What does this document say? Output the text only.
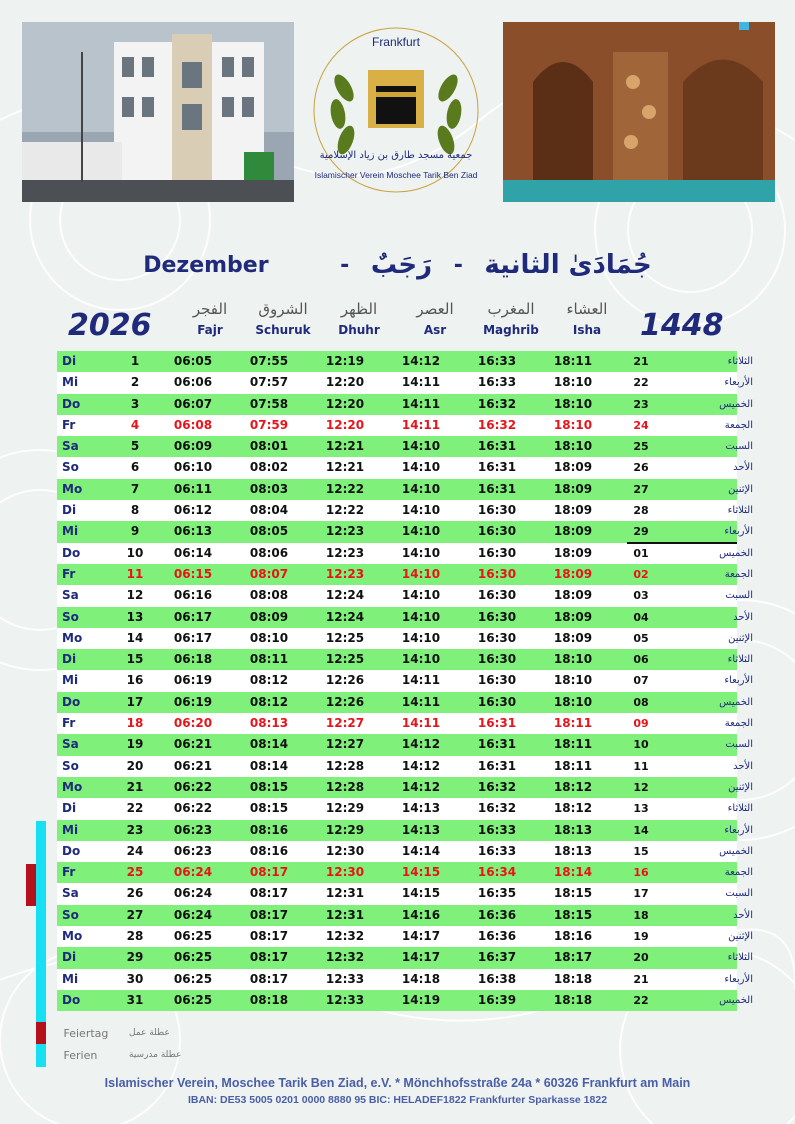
Frankfurt
جمعية مسجد طارق بن زياد الإسلامية
Islamischer Verein Moschee Tarik Ben Ziad
Dezember	- رَجَبٌ - جُمَادَىٰ الثانية
2026	1448
الفجر
Fajr
الشروق
Schuruk
الظهر
Dhuhr
العصر
Asr
المغرب
Maghrib
العشاء
Isha
Di	1	06:05	07:55	12:19	14:12	16:33	18:11	21	الثلاثاء
Mi	2	06:06	07:57	12:20	14:11	16:33	18:10	22	الأربعاء
Do	3	06:07	07:58	12:20	14:11	16:32	18:10	23	الخميس
Fr	4	06:08	07:59	12:20	14:11	16:32	18:10	24	الجمعة
Sa	5	06:09	08:01	12:21	14:10	16:31	18:10	25	السبت
So	6	06:10	08:02	12:21	14:10	16:31	18:09	26	الأحد
Mo	7	06:11	08:03	12:22	14:10	16:31	18:09	27	الإثنين
Di	8	06:12	08:04	12:22	14:10	16:30	18:09	28	الثلاثاء
Mi	9	06:13	08:05	12:23	14:10	16:30	18:09	29	الأربعاء
Do	10	06:14	08:06	12:23	14:10	16:30	18:09	01	الخميس
Fr	11	06:15	08:07	12:23	14:10	16:30	18:09	02	الجمعة
Sa	12	06:16	08:08	12:24	14:10	16:30	18:09	03	السبت
So	13	06:17	08:09	12:24	14:10	16:30	18:09	04	الأحد
Mo	14	06:17	08:10	12:25	14:10	16:30	18:09	05	الإثنين
Di	15	06:18	08:11	12:25	14:10	16:30	18:10	06	الثلاثاء
Mi	16	06:19	08:12	12:26	14:11	16:30	18:10	07	الأربعاء
Do	17	06:19	08:12	12:26	14:11	16:30	18:10	08	الخميس
Fr	18	06:20	08:13	12:27	14:11	16:31	18:11	09	الجمعة
Sa	19	06:21	08:14	12:27	14:12	16:31	18:11	10	السبت
So	20	06:21	08:14	12:28	14:12	16:31	18:11	11	الأحد
Mo	21	06:22	08:15	12:28	14:12	16:32	18:12	12	الإثنين
Di	22	06:22	08:15	12:29	14:13	16:32	18:12	13	الثلاثاء
Mi	23	06:23	08:16	12:29	14:13	16:33	18:13	14	الأربعاء
Do	24	06:23	08:16	12:30	14:14	16:33	18:13	15	الخميس
Fr	25	06:24	08:17	12:30	14:15	16:34	18:14	16	الجمعة
Sa	26	06:24	08:17	12:31	14:15	16:35	18:15	17	السبت
So	27	06:24	08:17	12:31	14:16	16:36	18:15	18	الأحد
Mo	28	06:25	08:17	12:32	14:17	16:36	18:16	19	الإثنين
Di	29	06:25	08:17	12:32	14:17	16:37	18:17	20	الثلاثاء
Mi	30	06:25	08:17	12:33	14:18	16:38	18:18	21	الأربعاء
Do	31	06:25	08:18	12:33	14:19	16:39	18:18	22	الخميس
Feiertag عطلة عمل
Ferien	عطلة مدرسية
Islamischer Verein, Moschee Tarik Ben Ziad, e.V. * Mönchhofsstraße 24a * 60326 Frankfurt am Main
IBAN: DE53 5005 0201 0000 8880 95 BIC: HELADEF1822 Frankfurter Sparkasse 1822
